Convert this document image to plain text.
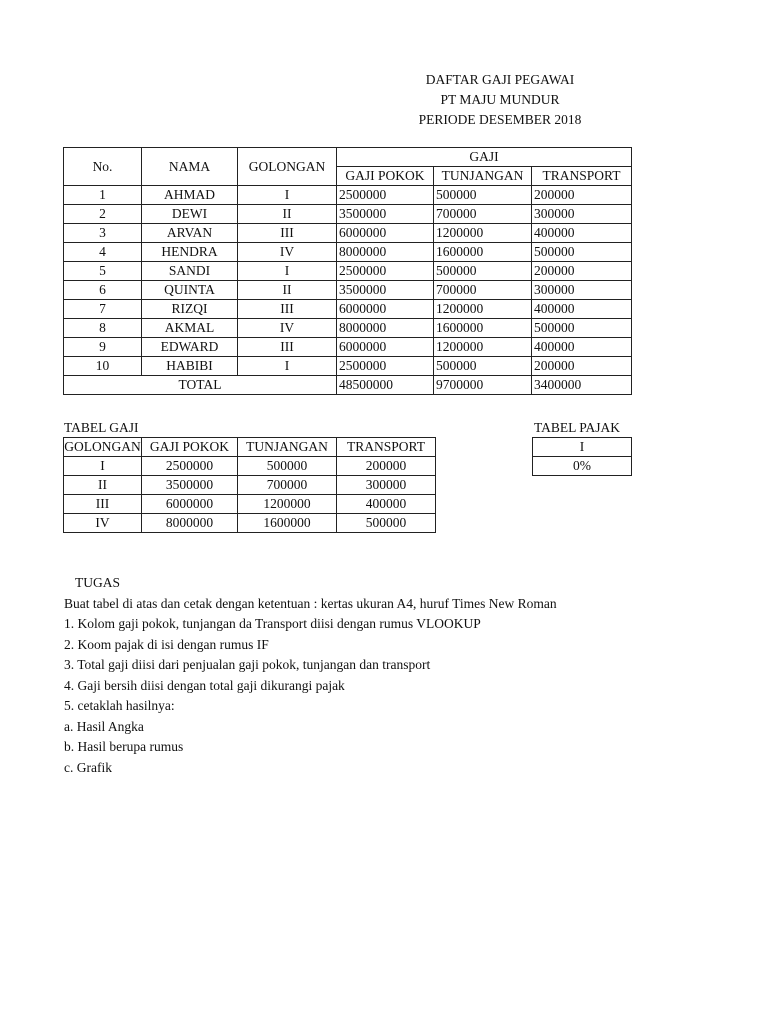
DAFTAR GAJI PEGAWAI
PT MAJU MUNDUR
PERIODE DESEMBER 2018
No.	NAMA	GOLONGAN	GAJI		
			GAJI POKOK	TUNJANGAN	TRANSPORT
1	AHMAD	I	2500000	500000	200000
2	DEWI	II	3500000	700000	300000
3	ARVAN	III	6000000	1200000	400000
4	HENDRA	IV	8000000	1600000	500000
5	SANDI	I	2500000	500000	200000
6	QUINTA	II	3500000	700000	300000
7	RIZQI	III	6000000	1200000	400000
8	AKMAL	IV	8000000	1600000	500000
9	EDWARD	III	6000000	1200000	400000
10	HABIBI	I	2500000	500000	200000
TOTAL			48500000	9700000	3400000
TABEL GAJI
GOLONGAN	GAJI POKOK	TUNJANGAN	TRANSPORT
I	2500000	500000	200000
II	3500000	700000	300000
III	6000000	1200000	400000
IV	8000000	1600000	500000
TABEL PAJAK
I
0%
TUGAS
Buat tabel di atas dan cetak dengan ketentuan : kertas ukuran A4, huruf Times New Roman
1. Kolom gaji pokok, tunjangan da Transport diisi dengan rumus VLOOKUP
2. Koom pajak di isi dengan rumus IF
3. Total gaji diisi dari penjualan gaji pokok, tunjangan dan transport
4. Gaji bersih diisi dengan total gaji dikurangi pajak
5. cetaklah hasilnya:
a. Hasil Angka
b. Hasil berupa rumus
c. Grafik
